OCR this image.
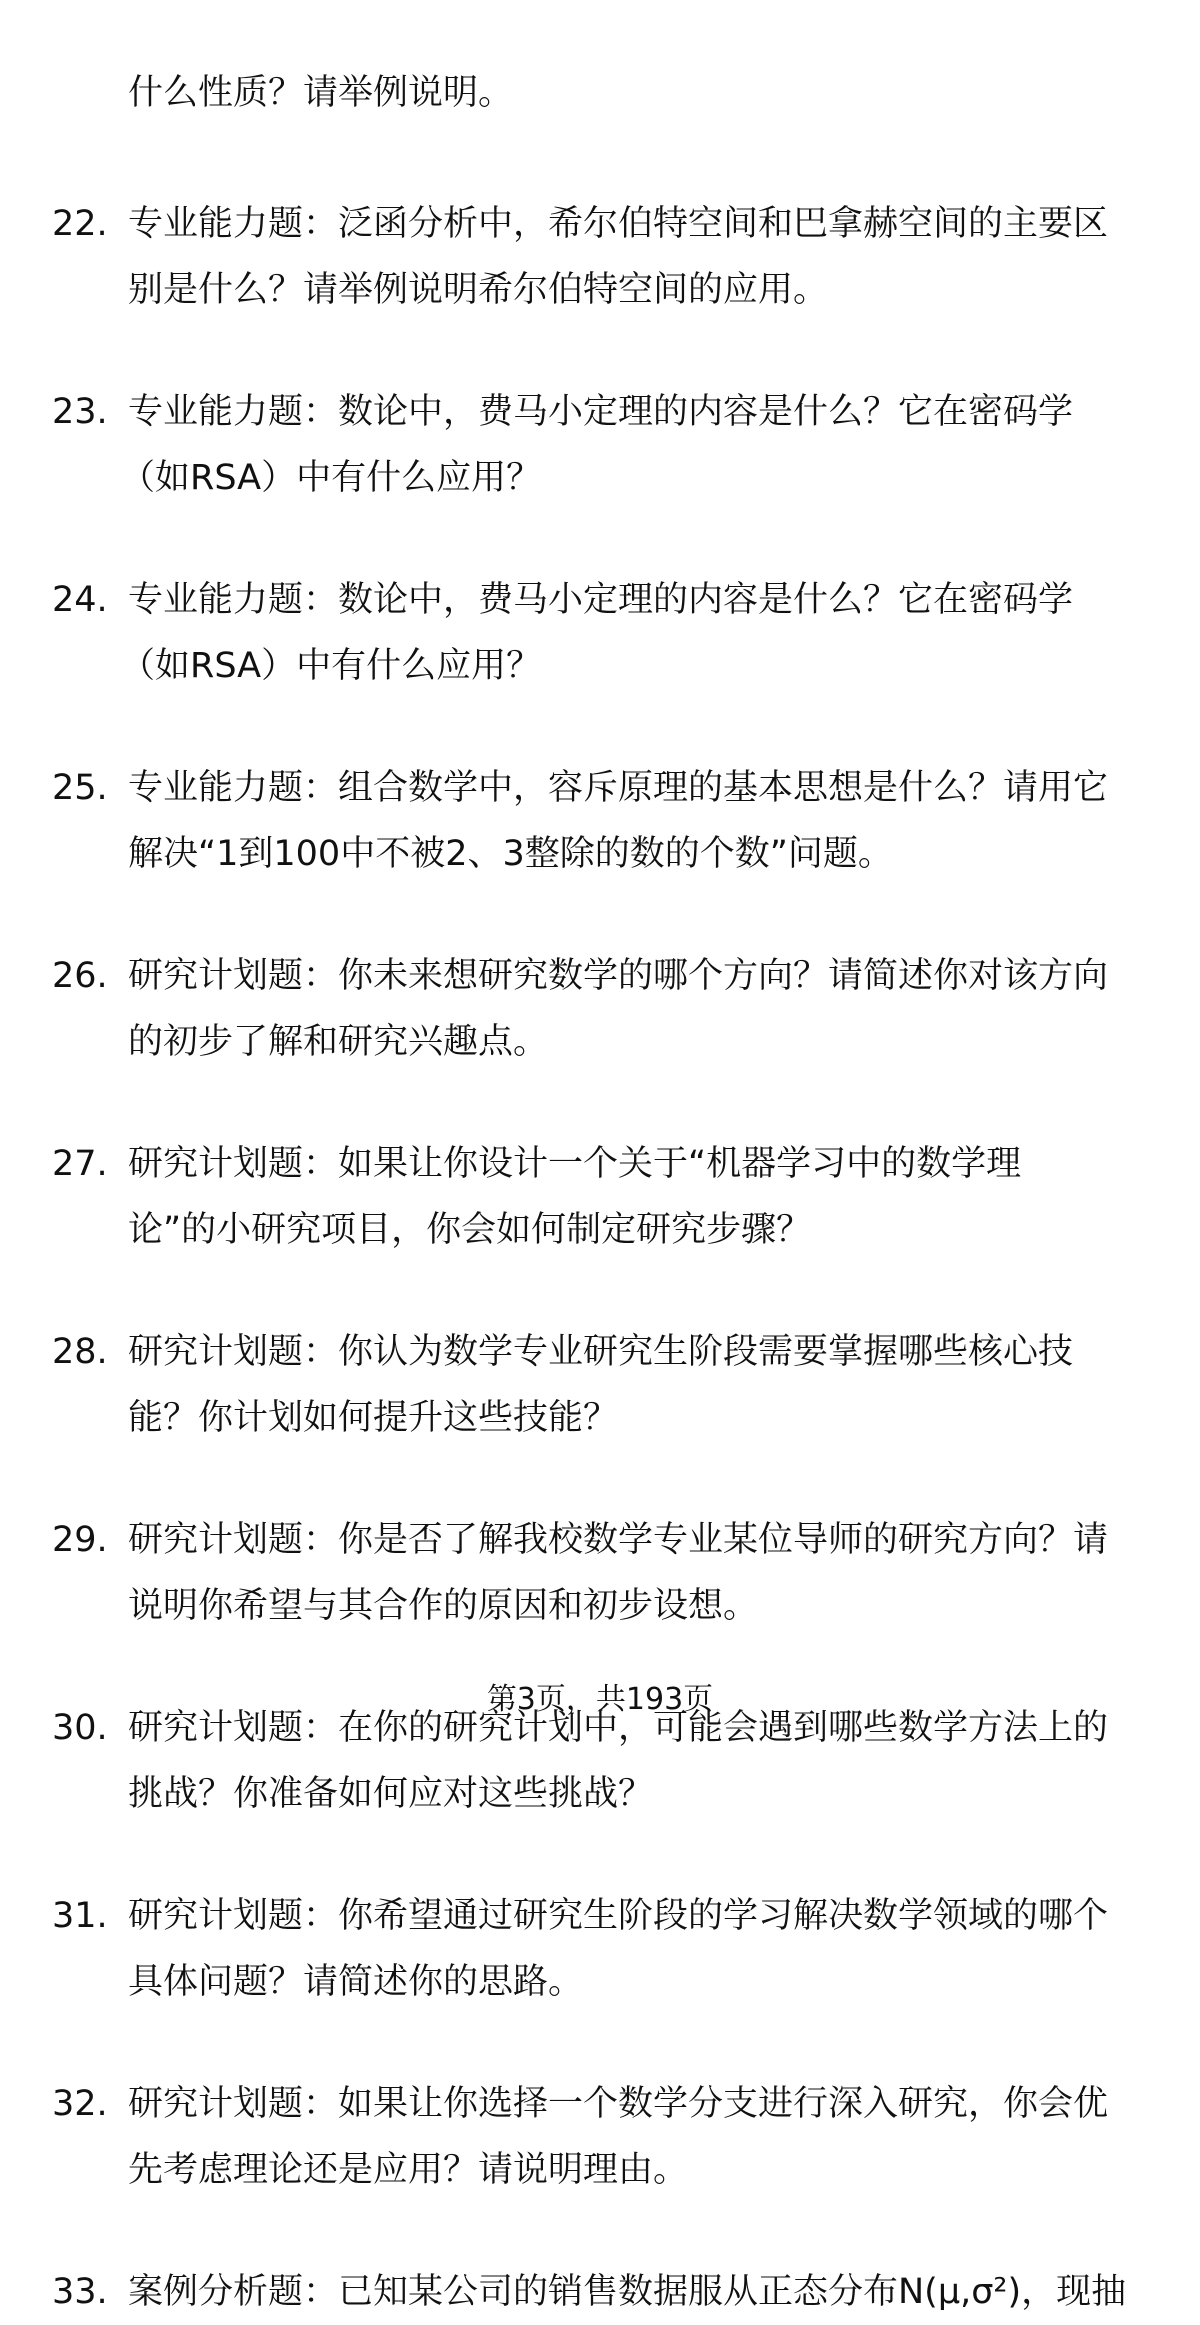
什么性质？请举例说明。
22. 专业能力题：泛函分析中，希尔伯特空间和巴拿赫空间的主要区
别是什么？请举例说明希尔伯特空间的应用。
23. 专业能力题：数论中，费马小定理的内容是什么？它在密码学
（如RSA）中有什么应用？
24. 专业能力题：数论中，费马小定理的内容是什么？它在密码学
（如RSA）中有什么应用？
25. 专业能力题：组合数学中，容斥原理的基本思想是什么？请用它
解决“1到100中不被2、3整除的数的个数”问题。
26. 研究计划题：你未来想研究数学的哪个方向？请简述你对该方向
的初步了解和研究兴趣点。
27. 研究计划题：如果让你设计一个关于“机器学习中的数学理
论”的小研究项目，你会如何制定研究步骤？
28. 研究计划题：你认为数学专业研究生阶段需要掌握哪些核心技
能？你计划如何提升这些技能？
29. 研究计划题：你是否了解我校数学专业某位导师的研究方向？请
说明你希望与其合作的原因和初步设想。
30. 研究计划题：在你的研究计划中，可能会遇到哪些数学方法上的
挑战？你准备如何应对这些挑战？
31. 研究计划题：你希望通过研究生阶段的学习解决数学领域的哪个
具体问题？请简述你的思路。
32. 研究计划题：如果让你选择一个数学分支进行深入研究，你会优
先考虑理论还是应用？请说明理由。
33. 案例分析题：已知某公司的销售数据服从正态分布N(μ,σ²)，现抽
第3页，共193页
